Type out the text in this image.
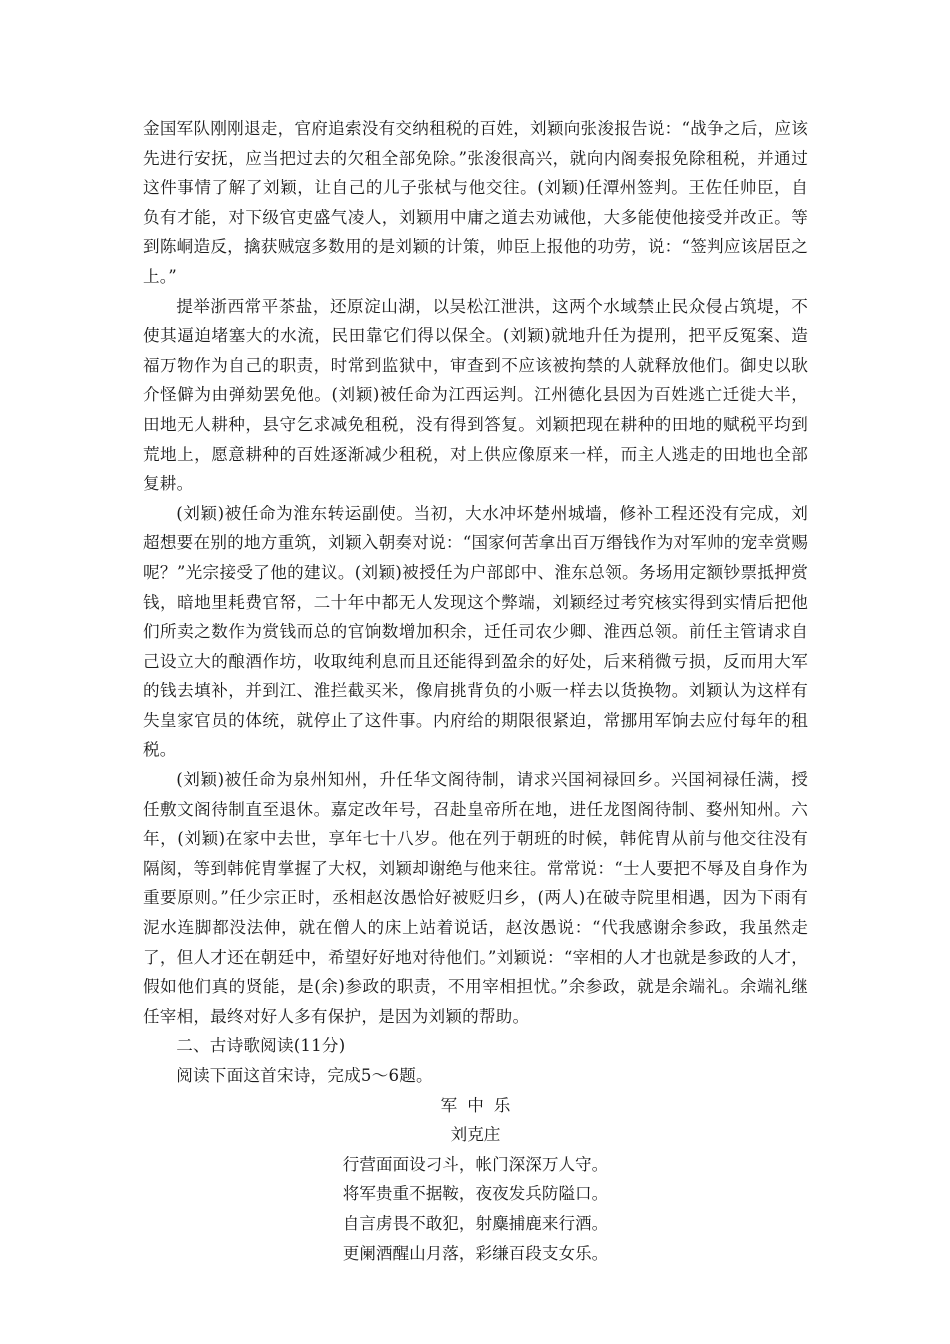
金国军队刚刚退走，官府追索没有交纳租税的百姓，刘颖向张浚报告说：“战争之后，应该先进行安抚，应当把过去的欠租全部免除。”张浚很高兴，就向内阁奏报免除租税，并通过这件事情了解了刘颖，让自己的儿子张栻与他交往。(刘颖)任潭州签判。王佐任帅臣，自负有才能，对下级官吏盛气凌人，刘颖用中庸之道去劝诫他，大多能使他接受并改正。等到陈峒造反，擒获贼寇多数用的是刘颖的计策，帅臣上报他的功劳，说：“签判应该居臣之上。”

提举浙西常平茶盐，还原淀山湖，以吴松江泄洪，这两个水域禁止民众侵占筑堤，不使其逼迫堵塞大的水流，民田靠它们得以保全。(刘颖)就地升任为提刑，把平反冤案、造福万物作为自己的职责，时常到监狱中，审查到不应该被拘禁的人就释放他们。御史以耿介怪僻为由弹劾罢免他。(刘颖)被任命为江西运判。江州德化县因为百姓逃亡迁徙大半，田地无人耕种，县守乞求减免租税，没有得到答复。刘颖把现在耕种的田地的赋税平均到荒地上，愿意耕种的百姓逐渐减少租税，对上供应像原来一样，而主人逃走的田地也全部复耕。

(刘颖)被任命为淮东转运副使。当初，大水冲坏楚州城墙，修补工程还没有完成，刘超想要在别的地方重筑，刘颖入朝奏对说：“国家何苦拿出百万缗钱作为对军帅的宠幸赏赐呢？”光宗接受了他的建议。(刘颖)被授任为户部郎中、淮东总领。务场用定额钞票抵押赏钱，暗地里耗费官帑，二十年中都无人发现这个弊端，刘颖经过考究核实得到实情后把他们所卖之数作为赏钱而总的官饷数增加积余，迁任司农少卿、淮西总领。前任主管请求自己设立大的酿酒作坊，收取纯利息而且还能得到盈余的好处，后来稍微亏损，反而用大军的钱去填补，并到江、淮拦截买米，像肩挑背负的小贩一样去以货换物。刘颖认为这样有失皇家官员的体统，就停止了这件事。内府给的期限很紧迫，常挪用军饷去应付每年的租税。

(刘颖)被任命为泉州知州，升任华文阁待制，请求兴国祠禄回乡。兴国祠禄任满，授任敷文阁待制直至退休。嘉定改年号，召赴皇帝所在地，进任龙图阁待制、婺州知州。六年，(刘颖)在家中去世，享年七十八岁。他在列于朝班的时候，韩侂胄从前与他交往没有隔阂，等到韩侂胄掌握了大权，刘颖却谢绝与他来往。常常说：“士人要把不辱及自身作为重要原则。”任少宗正时，丞相赵汝愚恰好被贬归乡，(两人)在破寺院里相遇，因为下雨有泥水连脚都没法伸，就在僧人的床上站着说话，赵汝愚说：“代我感谢余参政，我虽然走了，但人才还在朝廷中，希望好好地对待他们。”刘颖说：“宰相的人才也就是参政的人才，假如他们真的贤能，是(余)参政的职责，不用宰相担忧。”余参政，就是余端礼。余端礼继任宰相，最终对好人多有保护，是因为刘颖的帮助。

二、古诗歌阅读(11分)

阅读下面这首宋诗，完成5～6题。

军中乐

刘克庄

行营面面设刁斗，帐门深深万人守。

将军贵重不据鞍，夜夜发兵防隘口。

自言虏畏不敢犯，射麋捕鹿来行酒。

更阑酒醒山月落，彩缣百段支女乐。
